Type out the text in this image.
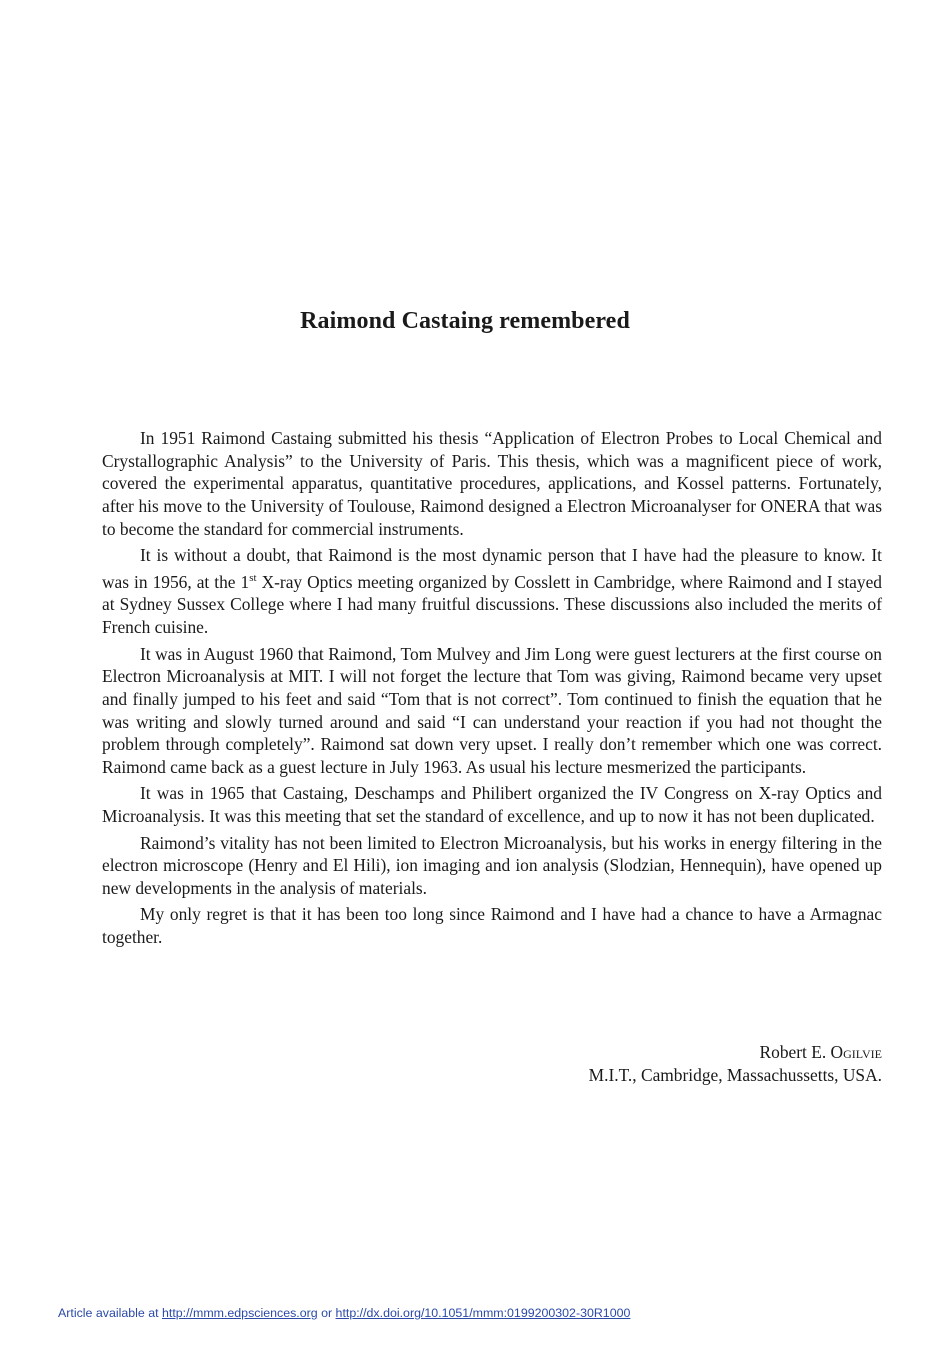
Raimond Castaing remembered

In 1951 Raimond Castaing submitted his thesis “Application of Electron Probes to Local Chemical and Crystallographic Analysis” to the University of Paris. This thesis, which was a magnificent piece of work, covered the experimental apparatus, quantitative procedures, applications, and Kossel patterns. Fortunately, after his move to the University of Toulouse, Raimond designed a Electron Microanalyser for ONERA that was to become the standard for commercial instruments.

It is without a doubt, that Raimond is the most dynamic person that I have had the pleasure to know. It was in 1956, at the 1st X-ray Optics meeting organized by Cosslett in Cambridge, where Raimond and I stayed at Sydney Sussex College where I had many fruitful discussions. These discussions also included the merits of French cuisine.

It was in August 1960 that Raimond, Tom Mulvey and Jim Long were guest lecturers at the first course on Electron Microanalysis at MIT. I will not forget the lecture that Tom was giving, Raimond became very upset and finally jumped to his feet and said “Tom that is not correct”. Tom continued to finish the equation that he was writing and slowly turned around and said “I can understand your reaction if you had not thought the problem through completely”. Raimond sat down very upset. I really don’t remember which one was correct. Raimond came back as a guest lecture in July 1963. As usual his lecture mesmerized the participants.

It was in 1965 that Castaing, Deschamps and Philibert organized the IV Congress on X-ray Optics and Microanalysis. It was this meeting that set the standard of excellence, and up to now it has not been duplicated.

Raimond’s vitality has not been limited to Electron Microanalysis, but his works in energy filtering in the electron microscope (Henry and El Hili), ion imaging and ion analysis (Slodzian, Hennequin), have opened up new developments in the analysis of materials.

My only regret is that it has been too long since Raimond and I have had a chance to have a Armagnac together.

Robert E. Ogilvie
M.I.T., Cambridge, Massachussetts, USA.
Article available at http://mmm.edpsciences.org or http://dx.doi.org/10.1051/mmm:0199200302-30R1000
